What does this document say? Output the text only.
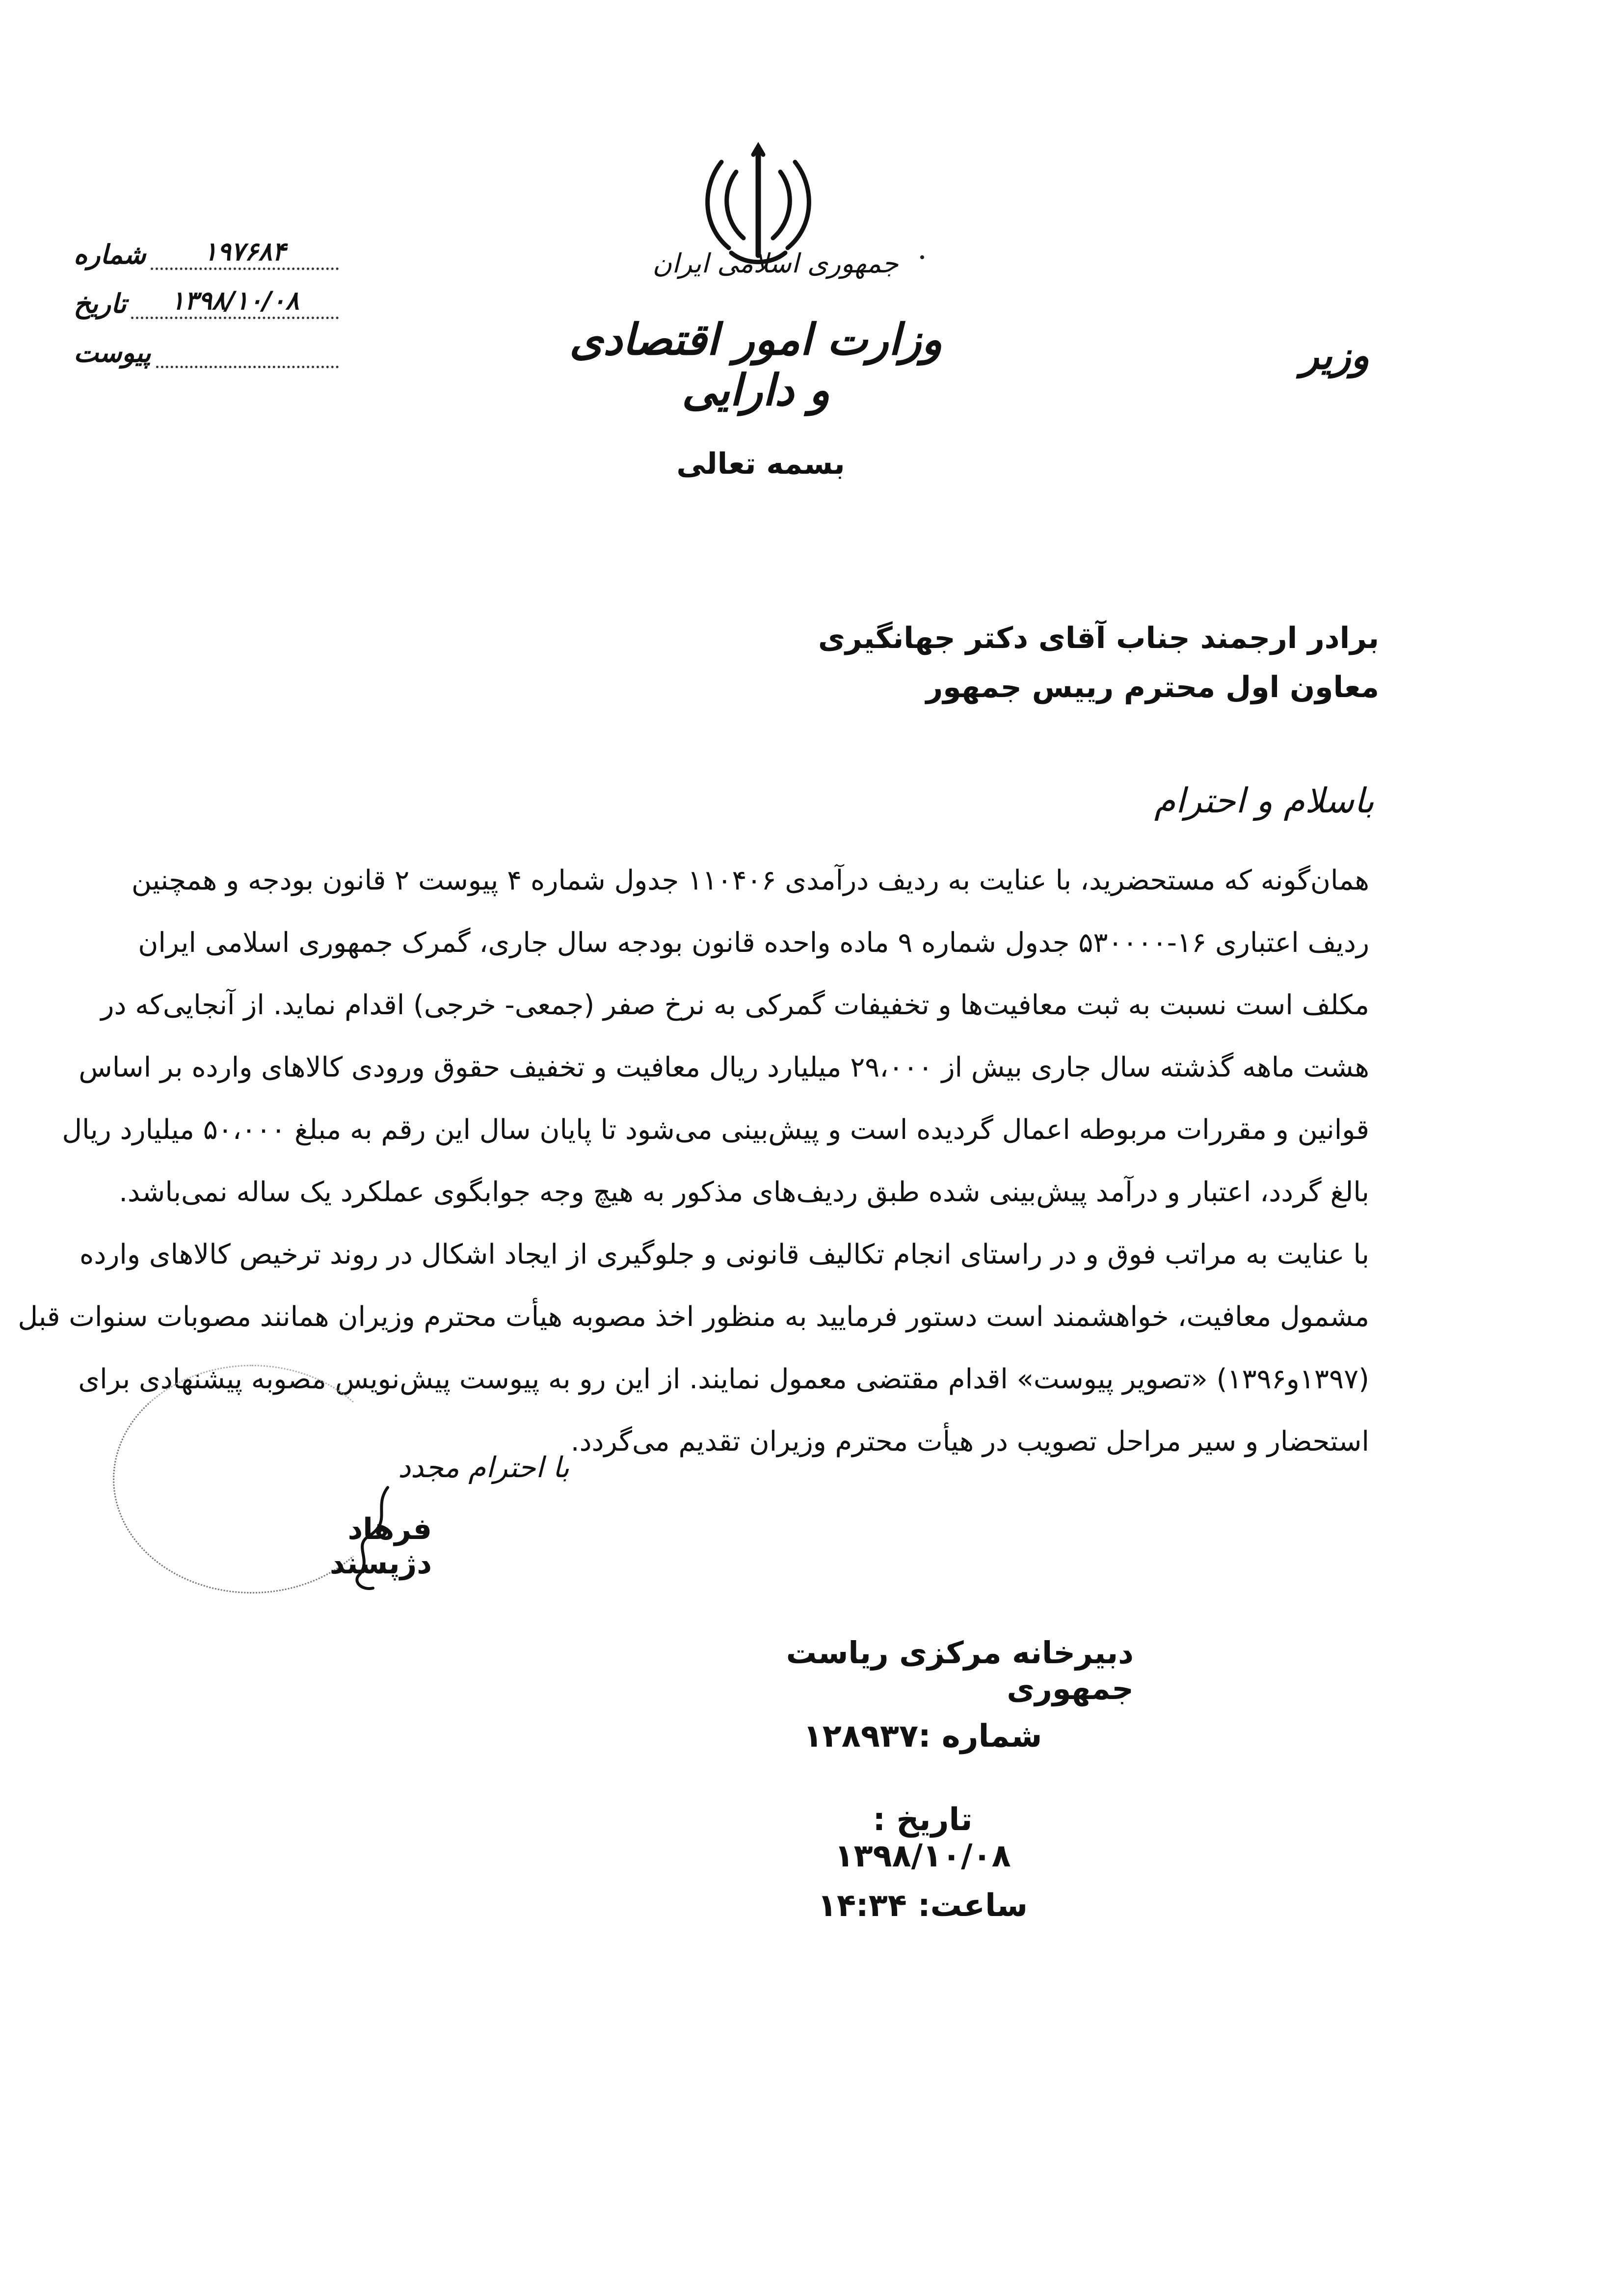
جمهوری اسلامی ایران
وزارت امور اقتصادی و دارایی
وزیر
شماره	۱۹۷۶۸۴
تاریخ	۱۳۹۸/۱۰/۰۸
پیوست
بسمه تعالی
برادر ارجمند جناب آقای دکتر جهانگیری
معاون اول محترم رییس جمهور
باسلام و احترام
همان‌گونه که مستحضرید، با عنایت به ردیف درآمدی ۱۱۰۴۰۶ جدول شماره ۴ پیوست ۲ قانون بودجه و همچنین
ردیف اعتباری ۱۶-۵۳۰۰۰۰ جدول شماره ۹ ماده واحده قانون بودجه سال جاری، گمرک جمهوری اسلامی ایران
مکلف است نسبت به ثبت معافیت‌ها و تخفیفات گمرکی به نرخ صفر (جمعی- خرجی) اقدام نماید. از آنجایی‌که در
هشت ماهه گذشته سال جاری بیش از ۲۹،۰۰۰ میلیارد ریال معافیت و تخفیف حقوق ورودی کالاهای وارده بر اساس
قوانین و مقررات مربوطه اعمال گردیده است و پیش‌بینی می‌شود تا پایان سال این رقم به مبلغ ۵۰،۰۰۰ میلیارد ریال
بالغ گردد، اعتبار و درآمد پیش‌بینی شده طبق ردیف‌های مذکور به هیچ وجه جوابگوی عملکرد یک ساله نمی‌باشد.
با عنایت به مراتب فوق و در راستای انجام تکالیف قانونی و جلوگیری از ایجاد اشکال در روند ترخیص کالاهای وارده
مشمول معافیت، خواهشمند است دستور فرمایید به منظور اخذ مصوبه هیأت محترم وزیران همانند مصوبات سنوات قبل
(۱۳۹۷و۱۳۹۶) «تصویر پیوست» اقدام مقتضی معمول نمایند. از این رو به پیوست پیش‌نویس مصوبه پیشنهادی برای
استحضار و سیر مراحل تصویب در هیأت محترم وزیران تقدیم می‌گردد.
با احترام مجدد
فرهاد دژپسند
دبیرخانه مرکزی ریاست جمهوری
شماره :۱۲۸۹۳۷
تاریخ : ۱۳۹۸/۱۰/۰۸
ساعت: ۱۴:۳۴
